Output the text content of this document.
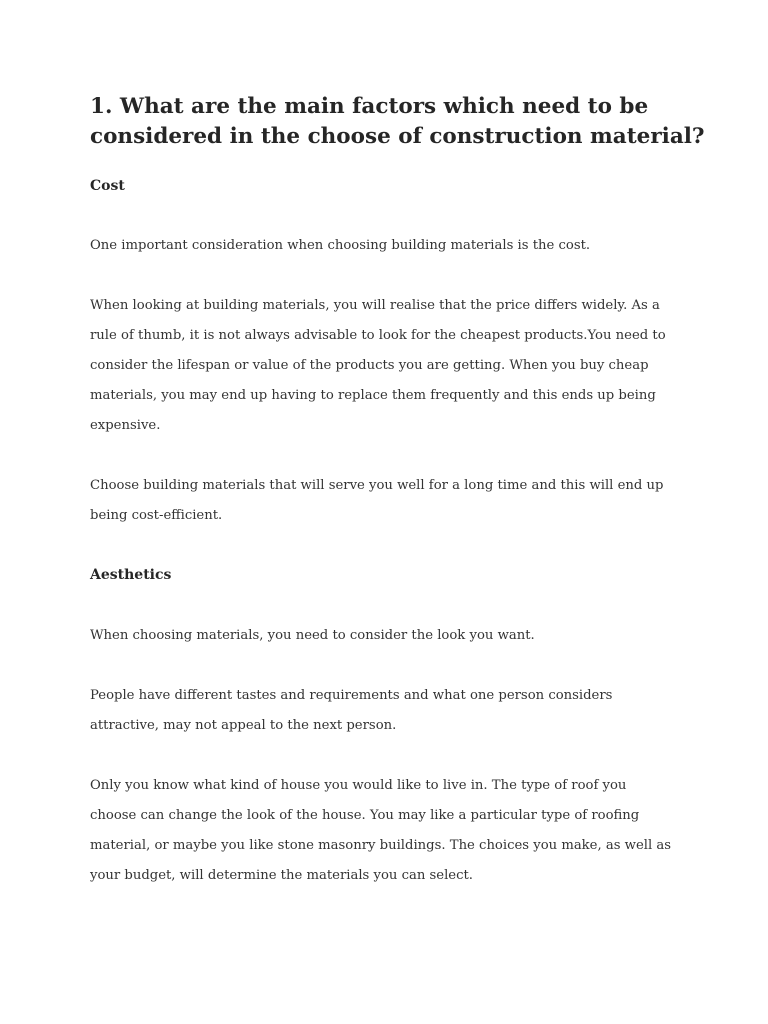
1. What are the main factors which need to be
considered in the choose of construction material?
Cost

One important consideration when choosing building materials is the cost.

When looking at building materials, you will realise that the price differs widely. As a
rule of thumb, it is not always advisable to look for the cheapest products.You need to
consider the lifespan or value of the products you are getting. When you buy cheap
materials, you may end up having to replace them frequently and this ends up being
expensive.

Choose building materials that will serve you well for a long time and this will end up
being cost-efficient.

Aesthetics

When choosing materials, you need to consider the look you want.

People have different tastes and requirements and what one person considers
attractive, may not appeal to the next person.

Only you know what kind of house you would like to live in. The type of roof you
choose can change the look of the house. You may like a particular type of roofing
material, or maybe you like stone masonry buildings. The choices you make, as well as
your budget, will determine the materials you can select.
